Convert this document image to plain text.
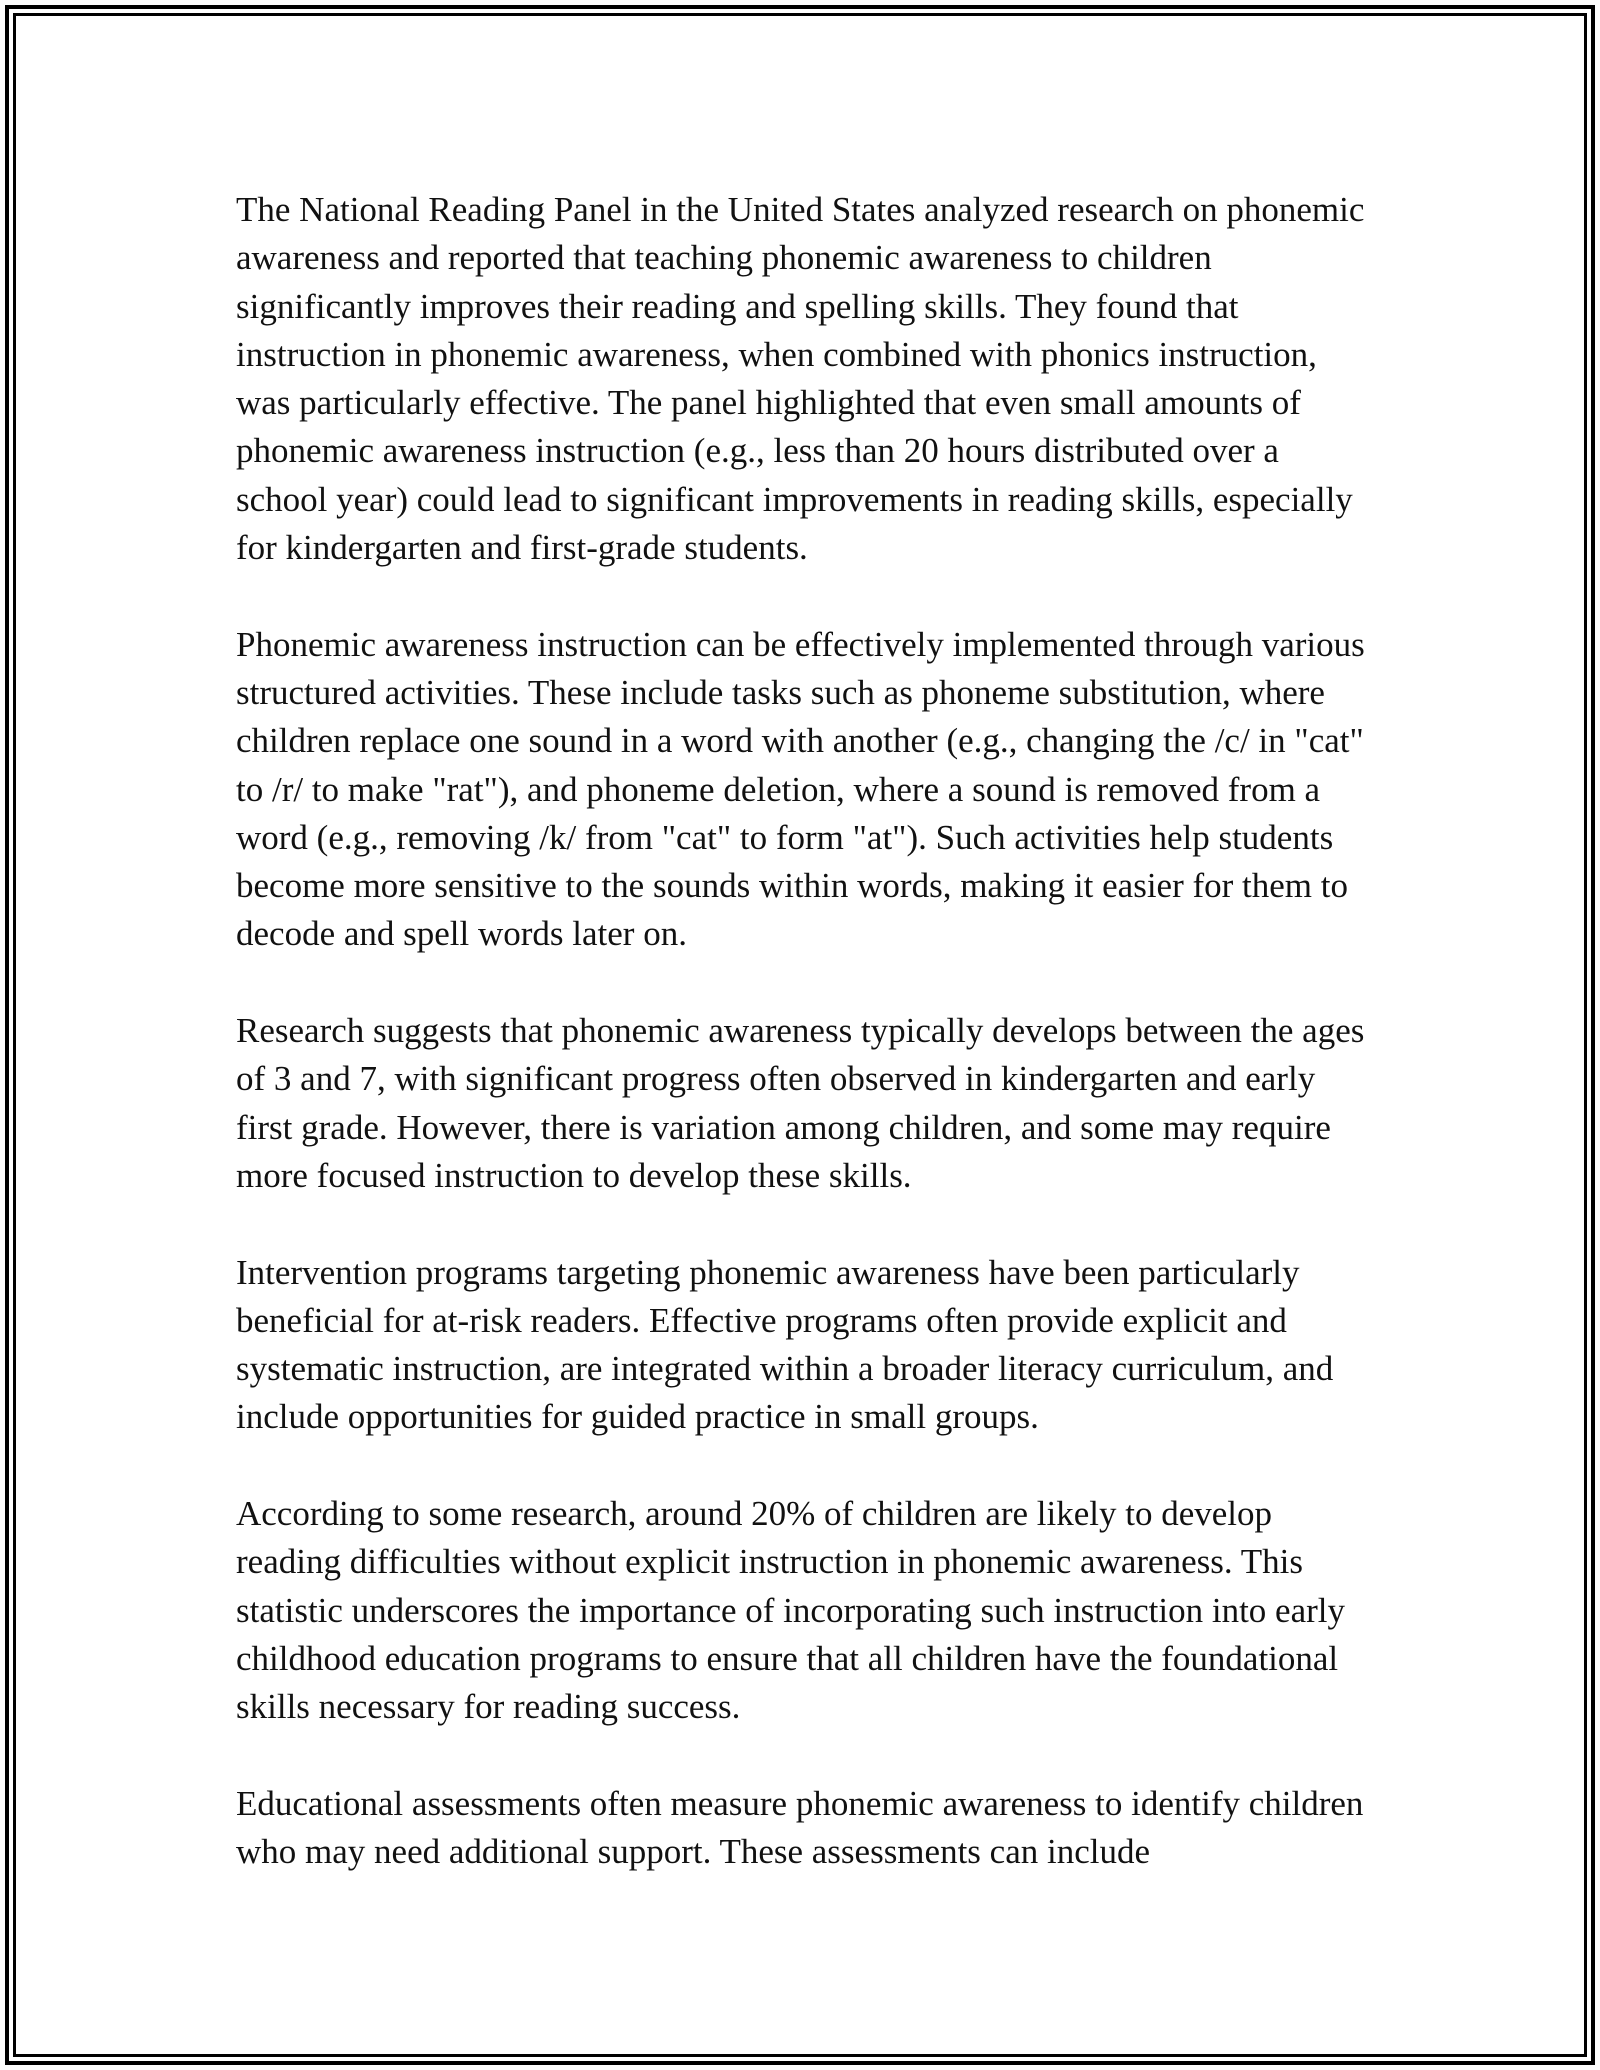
The National Reading Panel in the United States analyzed research on phonemic awareness and reported that teaching phonemic awareness to children significantly improves their reading and spelling skills. They found that instruction in phonemic awareness, when combined with phonics instruction, was particularly effective. The panel highlighted that even small amounts of phonemic awareness instruction (e.g., less than 20 hours distributed over a school year) could lead to significant improvements in reading skills, especially for kindergarten and first-grade students.

Phonemic awareness instruction can be effectively implemented through various structured activities. These include tasks such as phoneme substitution, where children replace one sound in a word with another (e.g., changing the /c/ in "cat" to /r/ to make "rat"), and phoneme deletion, where a sound is removed from a word (e.g., removing /k/ from "cat" to form "at"). Such activities help students become more sensitive to the sounds within words, making it easier for them to decode and spell words later on.

Research suggests that phonemic awareness typically develops between the ages of 3 and 7, with significant progress often observed in kindergarten and early first grade. However, there is variation among children, and some may require more focused instruction to develop these skills.

Intervention programs targeting phonemic awareness have been particularly beneficial for at-risk readers. Effective programs often provide explicit and systematic instruction, are integrated within a broader literacy curriculum, and include opportunities for guided practice in small groups.

According to some research, around 20% of children are likely to develop reading difficulties without explicit instruction in phonemic awareness. This statistic underscores the importance of incorporating such instruction into early childhood education programs to ensure that all children have the foundational skills necessary for reading success.

Educational assessments often measure phonemic awareness to identify children who may need additional support. These assessments can include
